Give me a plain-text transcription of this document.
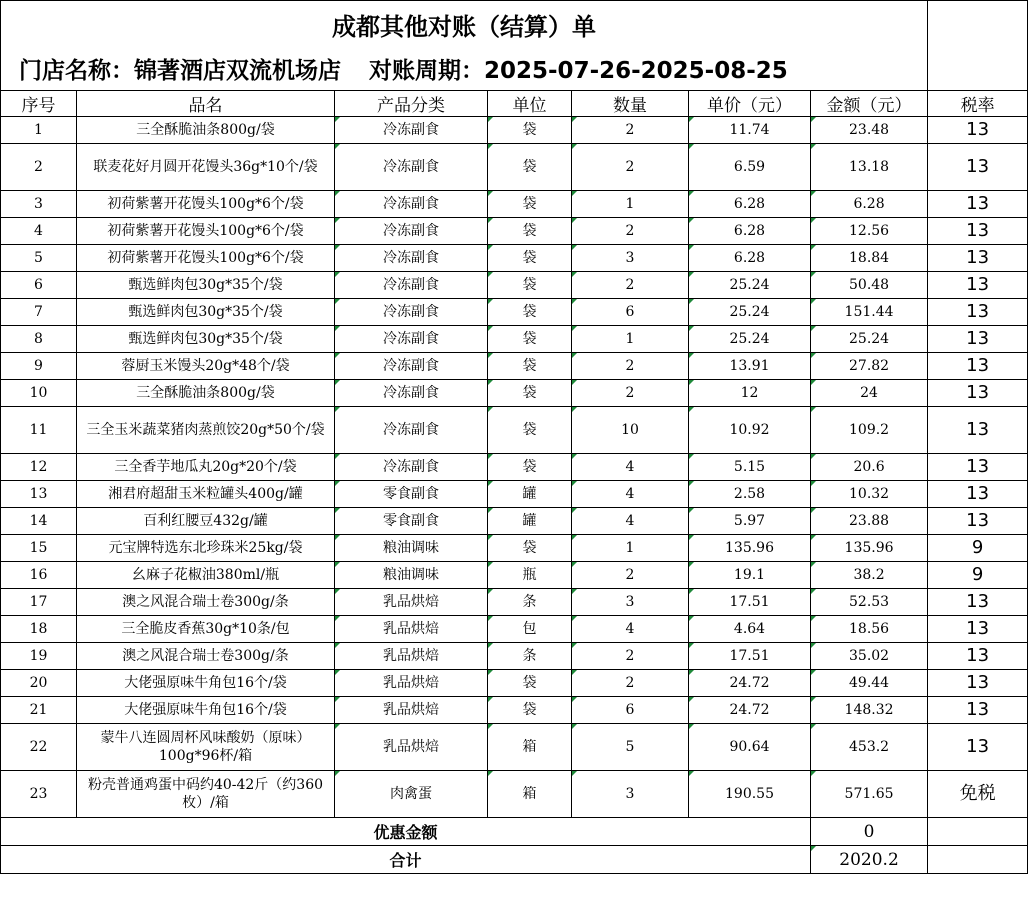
成都其他对账（结算）单							
门店名称：锦著酒店双流机场店 对账周期：2025-07-26-2025-08-25							
序号	品名	产品分类	单位	数量	单价（元）	金额（元）	税率
1	三全酥脆油条800g/袋	冷冻副食	袋	2	11.74	23.48	13
2	联麦花好月圆开花馒头36g*10个/袋	冷冻副食	袋	2	6.59	13.18	13
3	初荷紫薯开花馒头100g*6个/袋	冷冻副食	袋	1	6.28	6.28	13
4	初荷紫薯开花馒头100g*6个/袋	冷冻副食	袋	2	6.28	12.56	13
5	初荷紫薯开花馒头100g*6个/袋	冷冻副食	袋	3	6.28	18.84	13
6	甄选鲜肉包30g*35个/袋	冷冻副食	袋	2	25.24	50.48	13
7	甄选鲜肉包30g*35个/袋	冷冻副食	袋	6	25.24	151.44	13
8	甄选鲜肉包30g*35个/袋	冷冻副食	袋	1	25.24	25.24	13
9	蓉厨玉米馒头20g*48个/袋	冷冻副食	袋	2	13.91	27.82	13
10	三全酥脆油条800g/袋	冷冻副食	袋	2	12	24	13
11	三全玉米蔬菜猪肉蒸煎饺20g*50个/袋	冷冻副食	袋	10	10.92	109.2	13
12	三全香芋地瓜丸20g*20个/袋	冷冻副食	袋	4	5.15	20.6	13
13	湘君府超甜玉米粒罐头400g/罐	零食副食	罐	4	2.58	10.32	13
14	百利红腰豆432g/罐	零食副食	罐	4	5.97	23.88	13
15	元宝牌特选东北珍珠米25kg/袋	粮油调味	袋	1	135.96	135.96	9
16	幺麻子花椒油380ml/瓶	粮油调味	瓶	2	19.1	38.2	9
17	澳之风混合瑞士卷300g/条	乳品烘焙	条	3	17.51	52.53	13
18	三全脆皮香蕉30g*10条/包	乳品烘焙	包	4	4.64	18.56	13
19	澳之风混合瑞士卷300g/条	乳品烘焙	条	2	17.51	35.02	13
20	大佬强原味牛角包16个/袋	乳品烘焙	袋	2	24.72	49.44	13
21	大佬强原味牛角包16个/袋	乳品烘焙	袋	6	24.72	148.32	13
22	蒙牛八连圆周杯风味酸奶（原味）100g*96杯/箱	乳品烘焙	箱	5	90.64	453.2	13
23	粉壳普通鸡蛋中码约40-42斤（约360枚）/箱	肉禽蛋	箱	3	190.55	571.65	免税
优惠金额						0	
合计						2020.2	
